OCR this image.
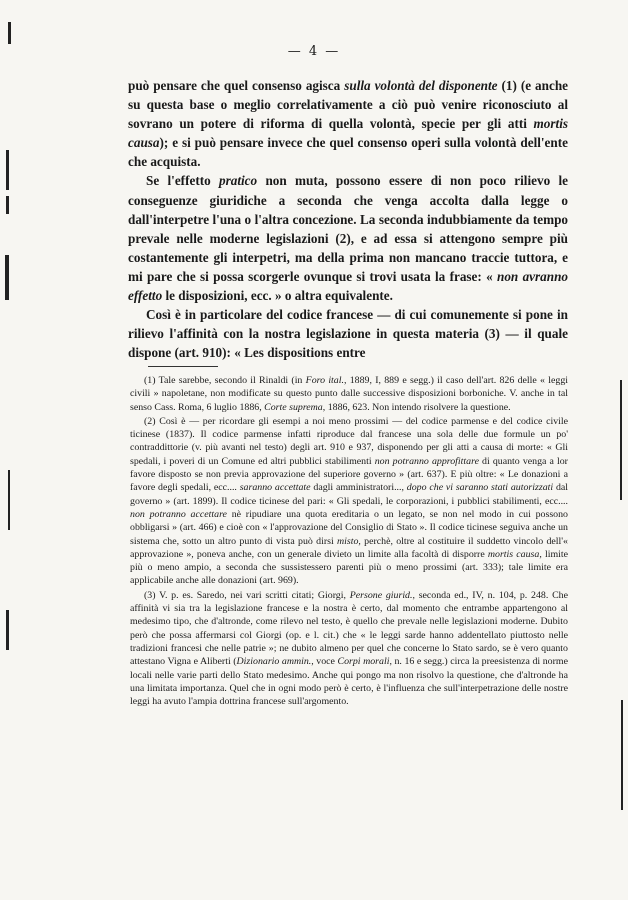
— 4 —

può pensare che quel consenso agisca sulla volontà del disponente (1) (e anche su questa base o meglio correlativamente a ciò può venire riconosciuto al sovrano un potere di riforma di quella volontà, specie per gli atti mortis causa); e si può pensare invece che quel consenso operi sulla volontà dell'ente che acquista.

Se l'effetto pratico non muta, possono essere di non poco rilievo le conseguenze giuridiche a seconda che venga accolta dalla legge o dall'interpetre l'una o l'altra concezione. La seconda indubbiamente da tempo prevale nelle moderne legislazioni (2), e ad essa si attengono sempre più costantemente gli interpetri, ma della prima non mancano traccie tuttora, e mi pare che si possa scorgerle ovunque si trovi usata la frase: « non avranno effetto le disposizioni, ecc. » o altra equivalente.

Così è in particolare del codice francese — di cui comunemente si pone in rilievo l'affinità con la nostra legislazione in questa materia (3) — il quale dispone (art. 910): « Les dispositions entre

(1) Tale sarebbe, secondo il Rinaldi (in Foro ital., 1889, I, 889 e segg.) il caso dell'art. 826 delle « leggi civili » napoletane, non modificate su questo punto dalle successive disposizioni borboniche. V. anche in tal senso Cass. Roma, 6 luglio 1886, Corte suprema, 1886, 623. Non intendo risolvere la questione.

(2) Così è — per ricordare gli esempi a noi meno prossimi — del codice parmense e del codice civile ticinese (1837). Il codice parmense infatti riproduce dal francese una sola delle due formule un po' contraddittorie (v. più avanti nel testo) degli art. 910 e 937, disponendo per gli atti a causa di morte: « Gli spedali, i poveri di un Comune ed altri pubblici stabilimenti non potranno approfittare di quanto venga a lor favore disposto se non previa approvazione del superiore governo » (art. 637). E più oltre: « Le donazioni a favore degli spedali, ecc.... saranno accettate dagli amministratori..., dopo che vi saranno stati autorizzati dal governo » (art. 1899). Il codice ticinese del pari: « Gli spedali, le corporazioni, i pubblici stabilimenti, ecc.... non potranno accettare nè ripudiare una quota ereditaria o un legato, se non nel modo in cui possono obbligarsi » (art. 466) e cioè con « l'approvazione del Consiglio di Stato ». Il codice ticinese seguiva anche un sistema che, sotto un altro punto di vista può dirsi misto, perchè, oltre al costituire il suddetto vincolo dell'« approvazione », poneva anche, con un generale divieto un limite alla facoltà di disporre mortis causa, limite più o meno ampio, a seconda che sussistessero parenti più o meno prossimi (art. 333); tale limite era applicabile anche alle donazioni (art. 969).

(3) V. p. es. Saredo, nei vari scritti citati; Giorgi, Persone giurid., seconda ed., IV, n. 104, p. 248. Che affinità vi sia tra la legislazione francese e la nostra è certo, dal momento che entrambe appartengono al medesimo tipo, che d'altronde, come rilevo nel testo, è quello che prevale nelle legislazioni moderne. Dubito però che possa affermarsi col Giorgi (op. e l. cit.) che « le leggi sarde hanno addentellato piuttosto nelle tradizioni francesi che nelle patrie »; ne dubito almeno per quel che concerne lo Stato sardo, se è vero quanto attestano Vigna e Aliberti (Dizionario ammin., voce Corpi morali, n. 16 e segg.) circa la preesistenza di norme locali nelle varie parti dello Stato medesimo. Anche qui pongo ma non risolvo la questione, che d'altronde ha una limitata importanza. Quel che in ogni modo però è certo, è l'influenza che sull'interpetrazione delle nostre leggi ha avuto l'ampia dottrina francese sull'argomento.
